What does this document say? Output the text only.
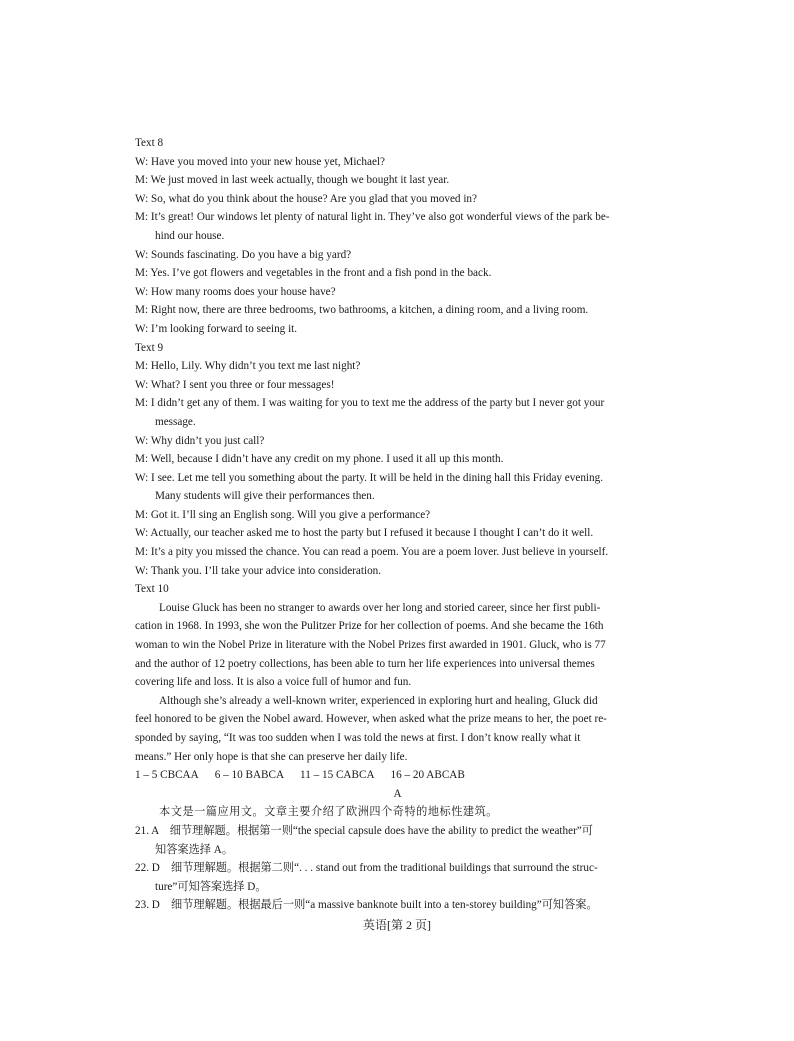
Text 8
W: Have you moved into your new house yet, Michael?
M: We just moved in last week actually, though we bought it last year.
W: So, what do you think about the house? Are you glad that you moved in?
M: It’s great! Our windows let plenty of natural light in. They’ve also got wonderful views of the park be-
hind our house.
W: Sounds fascinating. Do you have a big yard?
M: Yes. I’ve got flowers and vegetables in the front and a fish pond in the back.
W: How many rooms does your house have?
M: Right now, there are three bedrooms, two bathrooms, a kitchen, a dining room, and a living room.
W: I’m looking forward to seeing it.
Text 9
M: Hello, Lily. Why didn’t you text me last night?
W: What? I sent you three or four messages!
M: I didn’t get any of them. I was waiting for you to text me the address of the party but I never got your
message.
W: Why didn’t you just call?
M: Well, because I didn’t have any credit on my phone. I used it all up this month.
W: I see. Let me tell you something about the party. It will be held in the dining hall this Friday evening.
Many students will give their performances then.
M: Got it. I’ll sing an English song. Will you give a performance?
W: Actually, our teacher asked me to host the party but I refused it because I thought I can’t do it well.
M: It’s a pity you missed the chance. You can read a poem. You are a poem lover. Just believe in yourself.
W: Thank you. I’ll take your advice into consideration.
Text 10
Louise Gluck has been no stranger to awards over her long and storied career, since her first publi-
cation in 1968. In 1993, she won the Pulitzer Prize for her collection of poems. And she became the 16th
woman to win the Nobel Prize in literature with the Nobel Prizes first awarded in 1901. Gluck, who is 77
and the author of 12 poetry collections, has been able to turn her life experiences into universal themes
covering life and loss. It is also a voice full of humor and fun.
Although she’s already a well-known writer, experienced in exploring hurt and healing, Gluck did
feel honored to be given the Nobel award. However, when asked what the prize means to her, the poet re-
sponded by saying, “It was too sudden when I was told the news at first. I don’t know really what it
means.” Her only hope is that she can preserve her daily life.
1 – 5 CBCAA 6 – 10 BABCA 11 – 15 CABCA 16 – 20 ABCAB
A
本文是一篇应用文。文章主要介绍了欧洲四个奇特的地标性建筑。
21. A　细节理解题。根据第一则“the special capsule does have the ability to predict the weather”可
知答案选择 A。
22. D　细节理解题。根据第二则“. . . stand out from the traditional buildings that surround the struc-
ture”可知答案选择 D。
23. D　细节理解题。根据最后一则“a massive banknote built into a ten-storey building”可知答案。
英语[第 2 页]
